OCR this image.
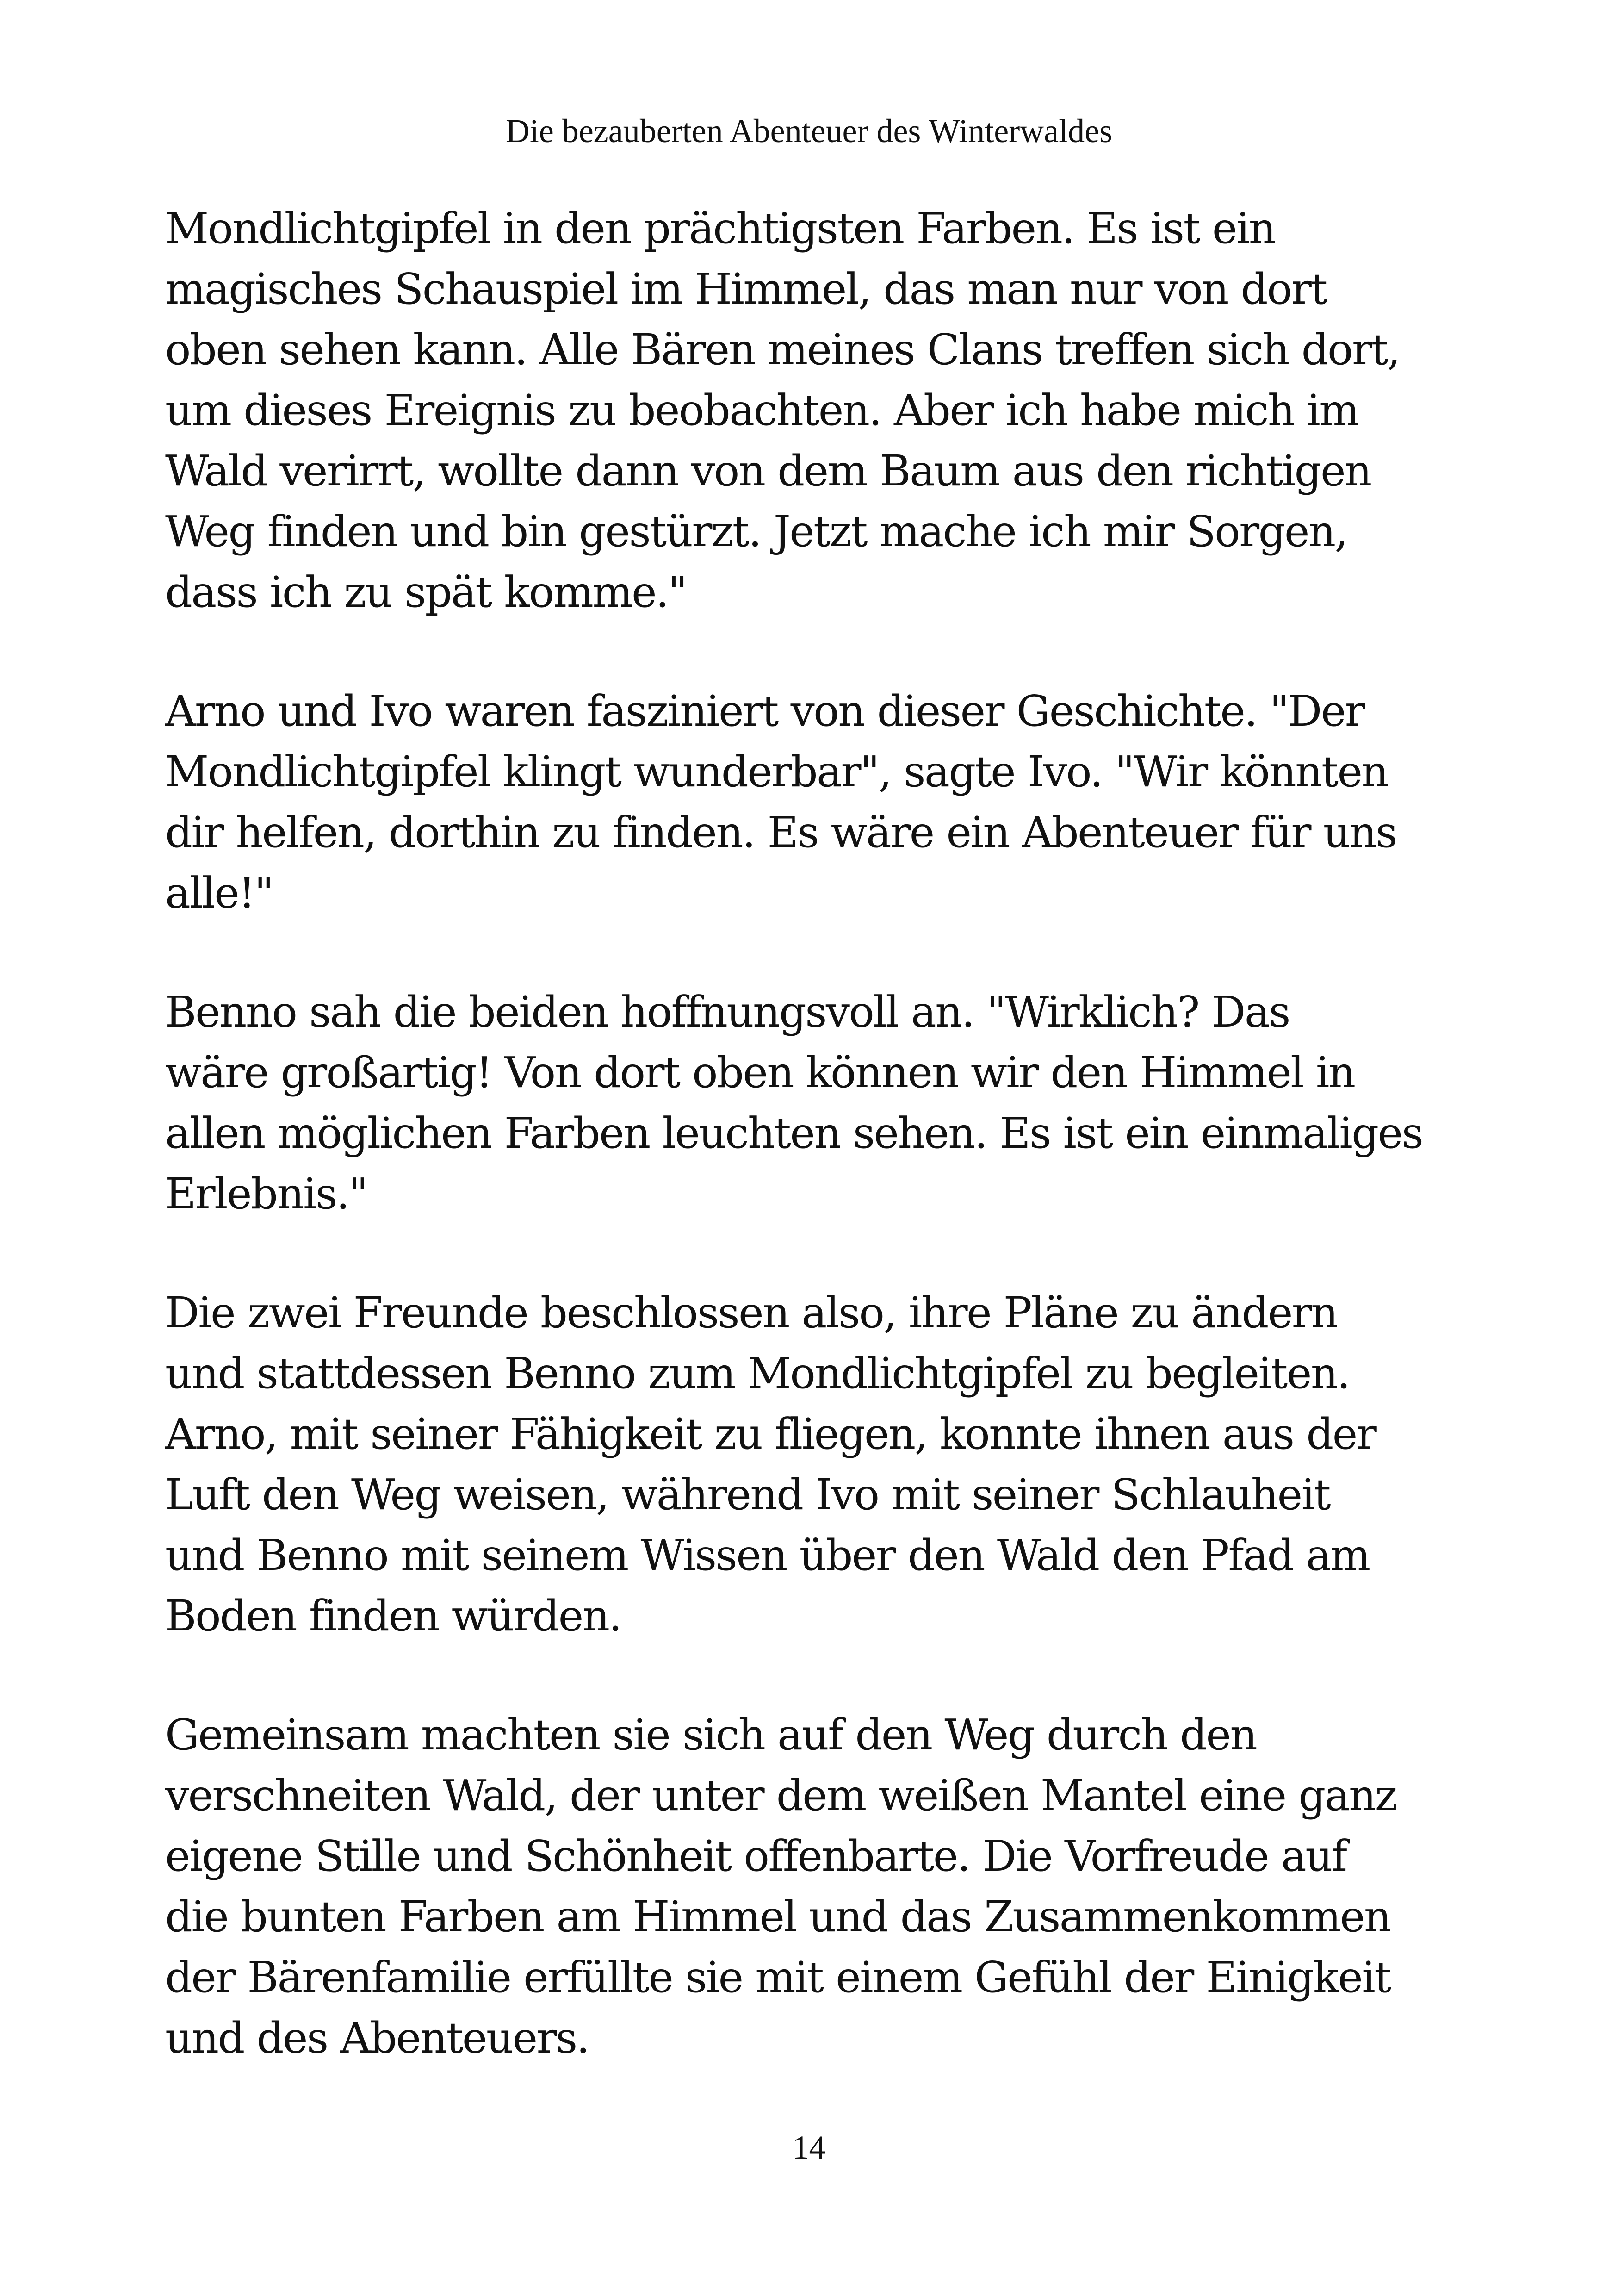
Die bezauberten Abenteuer des Winterwaldes

Mondlichtgipfel in den prächtigsten Farben. Es ist ein
magisches Schauspiel im Himmel, das man nur von dort
oben sehen kann. Alle Bären meines Clans treffen sich dort,
um dieses Ereignis zu beobachten. Aber ich habe mich im
Wald verirrt, wollte dann von dem Baum aus den richtigen
Weg finden und bin gestürzt. Jetzt mache ich mir Sorgen,
dass ich zu spät komme."

Arno und Ivo waren fasziniert von dieser Geschichte. "Der
Mondlichtgipfel klingt wunderbar", sagte Ivo. "Wir könnten
dir helfen, dorthin zu finden. Es wäre ein Abenteuer für uns
alle!"

Benno sah die beiden hoffnungsvoll an. "Wirklich? Das
wäre großartig! Von dort oben können wir den Himmel in
allen möglichen Farben leuchten sehen. Es ist ein einmaliges
Erlebnis."

Die zwei Freunde beschlossen also, ihre Pläne zu ändern
und stattdessen Benno zum Mondlichtgipfel zu begleiten.
Arno, mit seiner Fähigkeit zu fliegen, konnte ihnen aus der
Luft den Weg weisen, während Ivo mit seiner Schlauheit
und Benno mit seinem Wissen über den Wald den Pfad am
Boden finden würden.

Gemeinsam machten sie sich auf den Weg durch den
verschneiten Wald, der unter dem weißen Mantel eine ganz
eigene Stille und Schönheit offenbarte. Die Vorfreude auf
die bunten Farben am Himmel und das Zusammenkommen
der Bärenfamilie erfüllte sie mit einem Gefühl der Einigkeit
und des Abenteuers.

14
